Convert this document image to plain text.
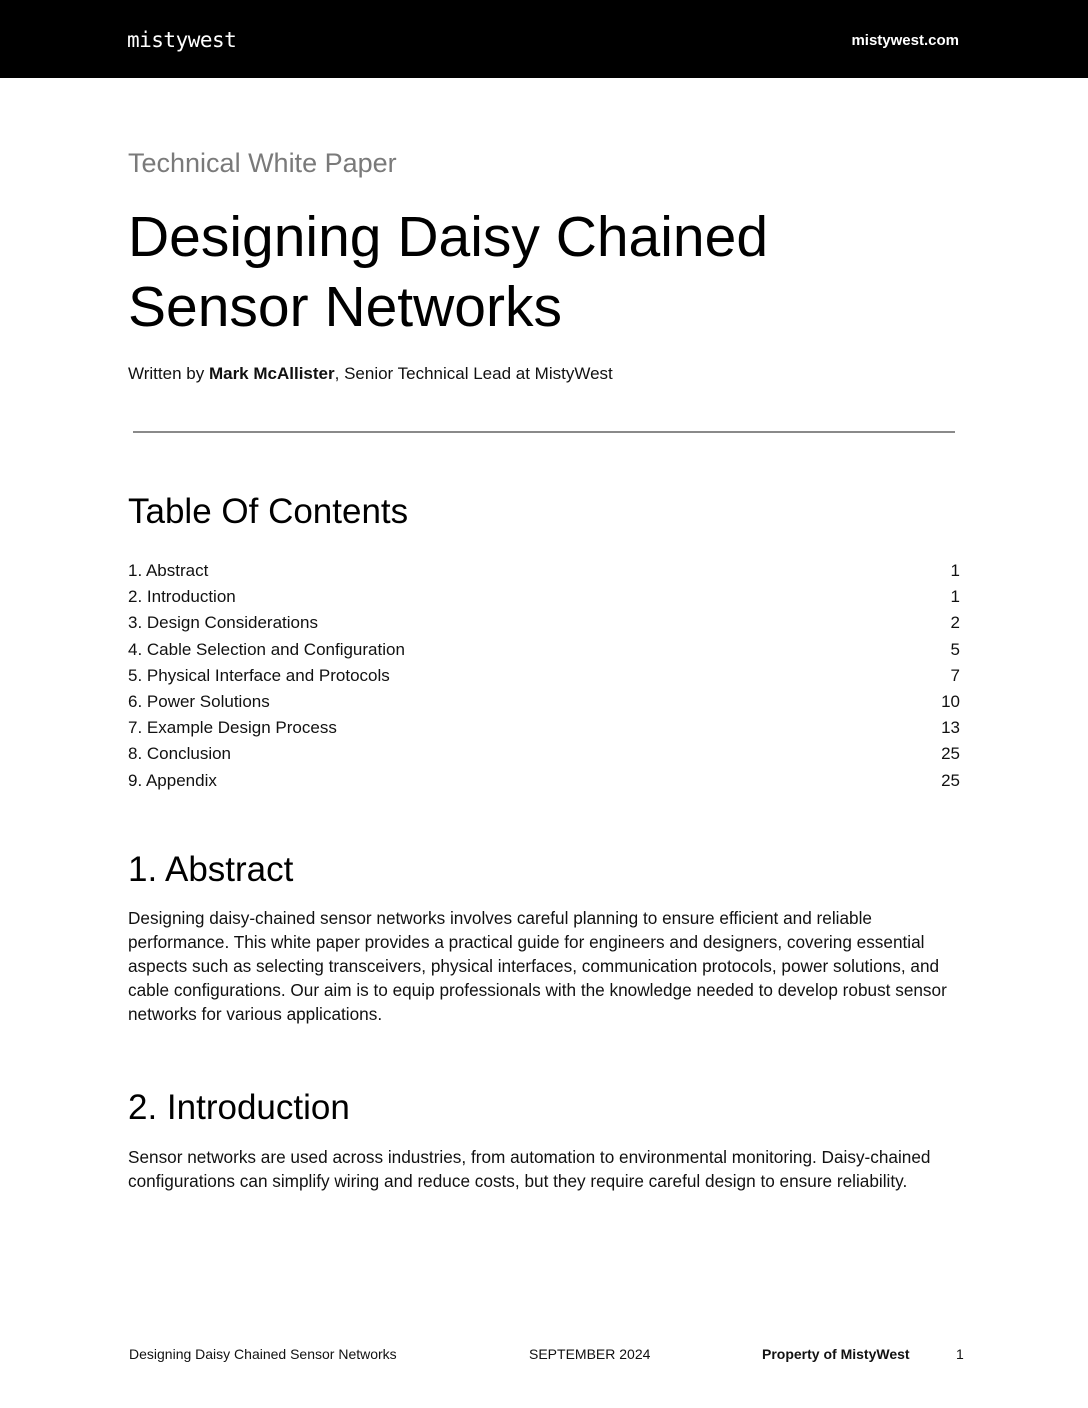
mistywest	mistywest.com
Technical White Paper
Designing Daisy Chained Sensor Networks
Written by Mark McAllister, Senior Technical Lead at MistyWest
Table Of Contents
1. Abstract	1
2. Introduction	1
3. Design Considerations	2
4. Cable Selection and Configuration	5
5. Physical Interface and Protocols	7
6. Power Solutions	10
7. Example Design Process	13
8. Conclusion	25
9. Appendix	25
1. Abstract

Designing daisy-chained sensor networks involves careful planning to ensure efficient and reliable performance. This white paper provides a practical guide for engineers and designers, covering essential aspects such as selecting transceivers, physical interfaces, communication protocols, power solutions, and cable configurations. Our aim is to equip professionals with the knowledge needed to develop robust sensor networks for various applications.

2. Introduction

Sensor networks are used across industries, from automation to environmental monitoring. Daisy-chained configurations can simplify wiring and reduce costs, but they require careful design to ensure reliability.

Designing Daisy Chained Sensor Networks	SEPTEMBER 2024	Property of MistyWest	1
